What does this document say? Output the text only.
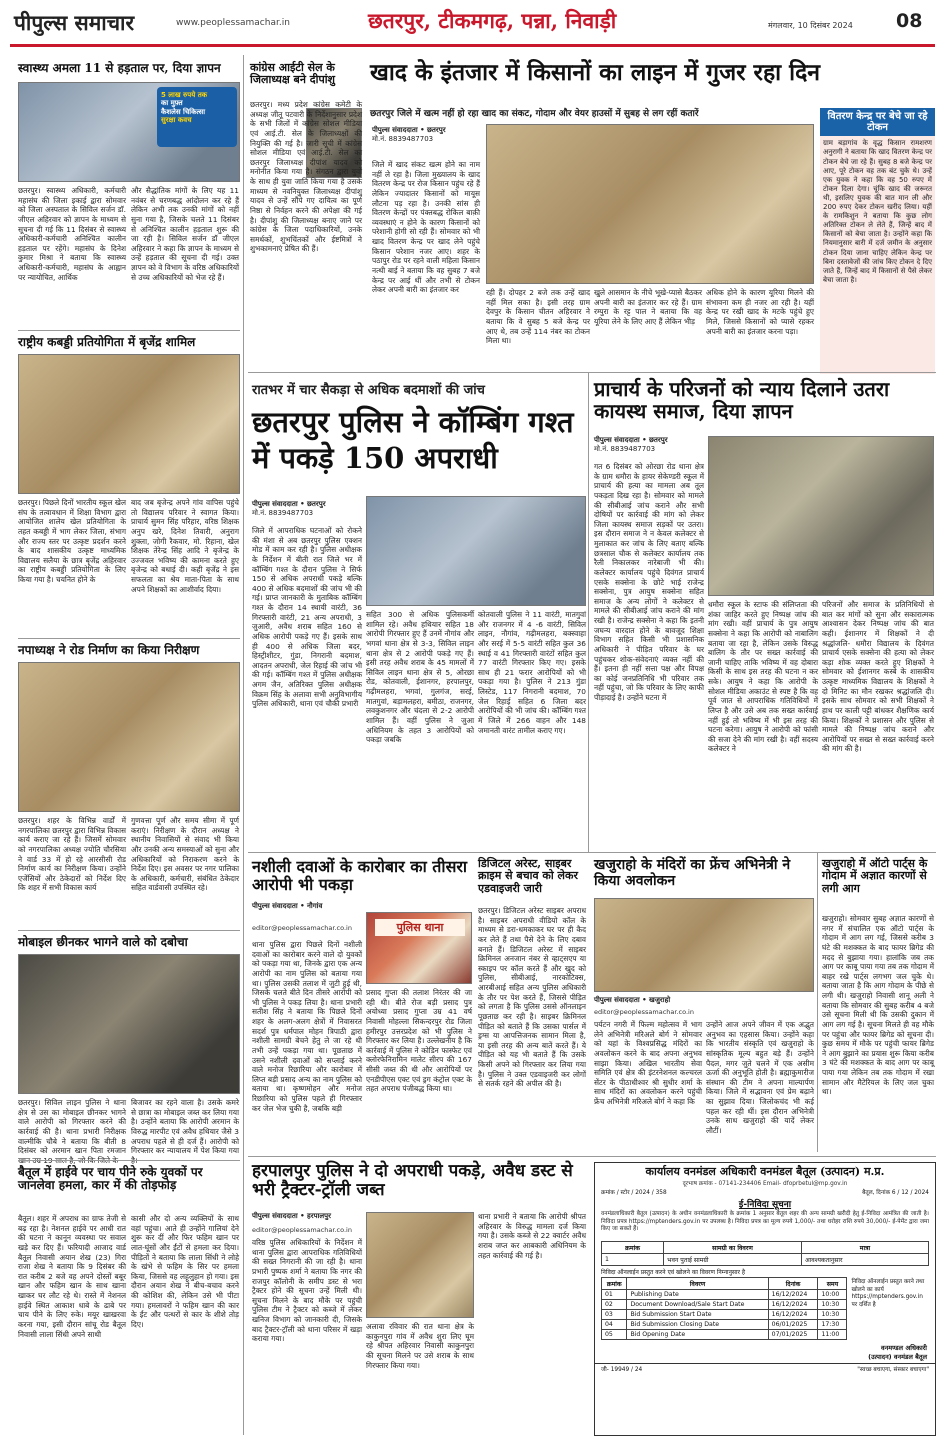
पीपुल्स समाचार	www.peoplessamachar.in	छतरपुर, टीकमगढ़, पन्ना, निवाड़ी	मंगलवार, 10 दिसंबर 2024 08
स्वास्थ्य अमला 11 से हड़ताल पर, दिया ज्ञापन
5 लाख रुपये तक
का मुफ़्त
कैशलेस चिकित्सा
सुरक्षा कवच
छतरपुर। स्वास्थ्य अधिकारी, कर्मचारी महासंघ की जिला इकाई द्वारा सोमवार को जिला अस्पताल के सिविल सर्जन डॉ. जीएल अहिरवार को ज्ञापन के माध्यम से सूचना दी गई कि 11 दिसंबर से स्वास्थ्य अधिकारी-कर्मचारी अनिश्चित कालीन हड़ताल पर रहेंगे। महासंघ के दिनेश कुमार मिश्रा ने बताया कि स्वास्थ्य अधिकारी-कर्मचारी, महासंघ के आह्वान पर न्यायोचित, आर्थिक
और सैद्धांतिक मांगों के लिए यह 11 नवंबर से चरणबद्ध आंदोलन कर रहे हैं लेकिन अभी तक उनकी मांगों को नहीं सुना गया है, जिसके चलते 11 दिसंबर से अनिश्चित कालीन हड़ताल शुरू की जा रही है। सिविल सर्जन डॉ जीएल अहिरवार ने कहा कि ज्ञापन के माध्यम से उन्हें हड़ताल की सूचना दी गई। उक्त ज्ञापन को वे विभाग के वरिष्ठ अधिकारियों से उच्च अधिकारियों को भेज रहे हैं।
कांग्रेस आईटी सेल के जिलाध्यक्ष बने दीपांशु
छतरपुर। मध्य प्रदेश कांग्रेस कमेटी के अध्यक्ष जीतू पटवारी के निर्देशानुसार प्रदेश के सभी जिलों में कांग्रेस सोशल मीडिया एवं आई.टी. सेल के जिलाध्यक्षों की नियुक्ति की गई है। जारी सूची में कांग्रेस सोशल मीडिया एवं आई.टी. सेल का छतरपुर जिलाध्यक्ष दीपांश यादव को मनोनीत किया गया है। संगठन द्वारा युवों के साथ ही युवा जाति किया गया है उसके माध्यम से नवनियुक्त जिलाध्यक्ष दीपांशु यादव से उन्हें सौंपे गए दायित्व का पूर्ण निष्ठा से निर्वहन करने की अपेक्षा की गई है। दीपांशु की जिलाध्यक्ष बनाए जाने पर कांग्रेस के जिला पदाधिकारियों, उनके समर्थकों, शुभचिंतकों और ईष्टमित्रों ने शुभकामनाएं प्रेषित की हैं।
खाद के इंतजार में किसानों का लाइन में गुजर रहा दिन
छतरपुर जिले में खत्म नहीं हो रहा खाद का संकट, गोदाम और वेयर हाउसों में सुबह से लग रहीं कतारें
पीपुल्स संवाददाता • छतरपुर
मो.नं. 8839487703
जिले में खाद संकट खत्म होने का नाम नहीं ले रहा है। जिला मुख्यालय के खाद वितरण केन्द्र पर रोज किसान पहुंच रहे हैं लेकिन ज्यादातर किसानों को मायूस लौटना पड़ रहा है। उनकी सांस ही वितरण केन्द्रों पर पंक्तबद्ध रोकिल बाक़ी व्यवस्थाएं न होने के कारण किसानों को परेशानी होगी सो रही हैं। सोमवार को भी खाद वितरण केन्द्र पर खाद लेने पहुंचे किसान परेशान नजर आए। शहर के पठापुर रोड पर रहने वाली महिला किसान नत्थी बाई ने बताया कि वह सुबह 7 बजे केन्द्र पर आई थीं और तभी से टोकन लेकर अपनी बारी का इंतजार कर	रही हैं। दोपहर 2 बजे तक उन्हें खाद नहीं मिल सका है। इसी तरह ग्राम देवपुर के किसान चीतन अहिरवार ने बताया कि वे सुबह 5 बजे केन्द्र पर आए थे, तब उन्हें 114 नंबर का टोकन मिला था।
खुले आसमान के नीचे भूखे-प्यासे बैठकर अपनी बारी का इंतजार कर रहे हैं। ग्राम रम्पुरा के रट्ट पाल ने बताया कि वह यूरिया लेने के लिए आए हैं लेकिन भीड़
अधिक होने के कारण यूरिया मिलने की संभावना कम ही नजर आ रही है। यहीं केन्द्र पर रखी खाद के मटके पहुंचे हुए मिले, जिससे किसानों को प्यासे रहकर अपनी बारी का इंतजार करना पड़ा।
वितरण केन्द्र पर बेचे जा रहे टोकन
ग्राम बड़ागांव के वृद्ध किसान रामशरण अनुरागी ने बताया कि खाद वितरण केन्द्र पर टोकन बेचे जा रहे हैं। सुबह 8 बजे केन्द्र पर आए, पूरे टोकन वह तक बंट चुके थे। उन्हें एक युवक ने कहा कि वह 50 रुपए में टोकन दिला देगा। चूंकि खाद की जरूरत थी, इसलिए युवक की बात मान ली और 200 रुपए देकर टोकन खरीद लिया। यहीं के रामकिशुन ने बताया कि कुछ लोग अतिरिक्त टोकन ले लेते हैं, जिन्हें बाद में किसानों को बेचा जाता है। उन्होंने कहा कि नियमानुसार बारी में दर्ज जमीन के अनुसार टोकन दिया जाना चाहिए लेकिन केन्द्र पर बिना दस्तावेजों की जांच किए टोकन दे दिए जाते हैं, जिन्हें बाद में किसानों से पैसे लेकर बेचा जाता है।
राष्ट्रीय कबड्डी प्रतियोगिता में बृजेंद्र शामिल
छतरपुर। पिछले दिनों भारतीय स्कूल खेल संघ के तत्वावधान में शिक्षा विभाग द्वारा आयोजित शालेय खेल प्रतियोगिता के तहत कबड्डी में भाग लेकर जिला, संभाग और राज्य स्तर पर उत्कृष्ट प्रदर्शन करने के बाद शासकीय उत्कृष्ट माध्यमिक विद्यालय सलैया के छात्र बृजेंद्र अहिरवार का राष्ट्रीय कबड्डी प्रतियोगिता के लिए किया गया है। चयनित होने के
बाद जब बृजेन्द्र अपने गांव वापिस पहुंचे तो विद्यालय परिवार ने स्वागत किया। प्राचार्य सुमन सिंह परिहार, वरिष्ठ शिक्षक अनुप खरे, दिनेश तिवारी, अनुराग शुक्ला, जोगी रैकवार, मो. रिहाना, खेल शिक्षक तेरेन्द्र सिंह आदि ने बृजेन्द्र के उज्जवल भविष्य की कामना करते हुए बृजेन्द्र को बधाई दी। कही बृजेंद्र ने इस सफलता का श्रेय माता-पिता के साथ अपने शिक्षकों का आशीर्वाद दिया।
रातभर में चार सैकड़ा से अधिक बदमाशों की जांच
छतरपुर पुलिस ने कॉम्बिंग गश्त में पकड़े 150 अपराधी
पीपुल्स संवाददाता • छतरपुर
मो.नं. 8839487703
जिले में आपराधिक घटनाओं को रोकने की मंशा से अब छतरपुर पुलिस एक्शन मोड में काम कर रही है। पुलिस अधीक्षक के निर्देशन में बीती रात जिले भर में कॉम्बिंग गश्त के दौरान पुलिस ने सिर्फ 150 से अधिक अपराधी पकड़े बल्कि 400 से अधिक बदमाशों की जांच भी की गई। प्राप्त जानकारी के मुताबिक कॉम्बिंग गश्त के दौरान 14 स्थायी वारंटी, 36 गिरफ्तारी वारंटी, 21 अन्य अपराधी, 3 जुआरी, अवैध शराब सहित 160 से अधिक आरोपी पकड़े गए हैं। इसके साथ ही 400 से अधिक जिला बदर, हिस्ट्रीशीटर, गुंडा, निगरानी बदमाश, आदतन अपराधी, जेल रिहाई की जांच भी की गई। कॉम्बिंग गश्त में पुलिस अधीक्षक अगम जैन, अतिरिक्त पुलिस अधीक्षक विक्रम सिंह के अलावा सभी अनुविभागीय पुलिस अधिकारी, थाना एवं चौकी प्रभारी
सहित 300 से अधिक पुलिसकर्मी शामिल रहे। अवैध हथियार सहित 18 आरोपी गिरफ्तार हुए हैं उनमें नौगांव और भगवां थाना क्षेत्र से 3-3, सिविल लाइन थाना क्षेत्र से 2 आरोपी पकड़े गए हैं। इसी तरह अवैध शराब के 45 मामलों में सिविल लाइन थाना क्षेत्र से 5, ओरछा रोड, कोतवाली, ईशानगर, हरपालपुर, गढ़ीमलहरा, भगवां, गुलगंज, सरई, मातगुवां, बड़ामलहरा, बमीठा, राजनगर, लवकुशनगर और चंदला से 2-2 आरोपी शामिल हैं। वहीं पुलिस ने जुआ अधिनियम के तहत 3 आरोपियों को पकड़ा जबकि
कोतवाली पुलिस ने 11 वारंटी, मातगुवां और राजनगर में 4 -6 वारंटी, सिविल लाइन, नौगांव, गढ़ीमलहरा, बक्स्वाहा और सरई में 5-5 वारंटी सहित कुल 36 स्थाई व 41 गिरफ्तारी वारंटों सहित कुल 77 वारंटी गिरफ्तार किए गए। इसके साथ ही 21 फरार आरोपियों को भी पकड़ा गया है। पुलिस ने 213 गुंडा लिस्टेड, 117 निगरानी बदमाश, 70 जेल रिहाई सहित 6 जिला बदर आरोपियों की भी जांच की। कॉम्बिंग गश्त में जिले में 266 वाहन और 148 जमानती वारंट तामील कराए गए।
प्राचार्य के परिजनों को न्याय दिलाने उतरा कायस्थ समाज, दिया ज्ञापन
पीपुल्स संवाददाता • छतरपुर
मो.नं. 8839487703
गत 6 दिसंबर को ओरछा रोड थाना क्षेत्र के ग्राम धमौरा के हायर सेकेण्डरी स्कूल में प्राचार्य की हत्या का मामला अब तूल पकड़ता दिख रहा है। सोमवार को मामले की सीबीआई जांच कराने और सभी दोषियों पर कार्रवाई की मांग को लेकर जिला कायस्थ समाज सड़कों पर उतरा। इस दौरान समाज ने न केवल कलेक्टर से मुलाकात कर जांच के लिए बताए बल्कि छत्रसाल चौक से कलेक्टर कार्यालय तक रैली निकालकर नारेबाजी भी की। कलेक्टर कार्यालय पहुंचे दिवंगत प्राचार्य एसके सक्सेना के छोटे भाई राजेन्द्र सक्सेना, पुत्र आयुष सक्सेना सहित समाज के अन्य लोगों ने कलेक्टर से मामले की सीबीआई जांच कराने की मांग रखी है। राजेन्द्र सक्सेना ने कहा कि इतनी जघन्य वारदात होने के बावजूद शिक्षा विभाग सहित किसी भी प्रशासनिक अधिकारी ने पीड़ित परिवार के घर पहुंचकर शोक-संवेदनाएं व्यक्त नहीं की हैं। इतना ही नहीं सत्ता पक्ष और विपक्ष का कोई जनप्रतिनिधि भी परिवार तक नहीं पहुंचा, जो कि परिवार के लिए काफी पीड़ादाई है। उन्होंने घटना में
धमौरा स्कूल के स्टाफ की संलिप्तता की शंका जाहिर करते हुए निष्पक्ष जांच की मांग रखी। वहीं प्राचार्य के पुत्र आयुष सक्सेना ने कहा कि आरोपी को नाबालिग बताया जा रहा है, लेकिन उसके विरुद्ध बालिग के तौर पर सख्त कार्रवाई की जानी चाहिए ताकि भविष्य में वह दोबारा किसी के साथ इस तरह की घटना न कर सके। आयुष ने कहा कि आरोपी के सोशल मीडिया अकाउंट से स्पष्ट है कि वह पूर्व जात से आपराधिक गतिविधियों में लिप्त है और उसे अब तक सख्त कार्रवाई नहीं हुई तो भविष्य में भी इस तरह की घटना करेगा। आयुष ने आरोपी को फांसी की सजा देने की मांग रखी है। वहीं सदस्य कलेक्टर ने
परिजनों और समाज के प्रतिनिधियों से बात कर मांगों को सुना और सकारात्मक आश्वासन देकर निष्पक्ष जांच की बात कही। ईशानगर में शिक्षकों ने दी श्रद्धांजलि- धमौरा विद्यालय के दिवंगत प्राचार्य एसके सक्सेना की हत्या को लेकर कड़ा शोक व्यक्त करते हुए शिक्षकों ने सोमवार को ईशानगर कस्बे के शासकीय उत्कृष्ट माध्यमिक विद्यालय के शिक्षकों ने दो मिनिट का मौन रखकर श्रद्धांजलि दी। इसके साथ सोमवार को सभी शिक्षकों ने हाथ पर काली पट्टी बांधकर शैक्षणिक कार्य किया। शिक्षकों ने प्रशासन और पुलिस से मामले की निष्पक्ष जांच कराने और आरोपियों पर सख्त से सख्त कार्रवाई करने की मांग की है।
नपाध्यक्ष ने रोड निर्माण का किया निरीक्षण
छतरपुर। शहर के विभिन्न वार्डों में नगरपालिका छतरपुर द्वारा विभिन्न विकास कार्य कराए जा रहे हैं। जिसमें सोमवार को नगरपालिका अध्यक्ष ज्योति चौरसिया ने वार्ड 33 में हो रहे आरसीसी रोड निर्माण कार्य का निरीक्षण किया। उन्होंने एजेंसियों और ठेकेदारों को निर्देश दिए कि शहर में सभी विकास कार्य
गुणवत्ता पूर्ण और समय सीमा में पूर्ण कराएं। निरीक्षण के दौरान अध्यक्ष ने स्थानीय निवासियों से संवाद भी किया और उनकी अन्य समस्याओं को सुना और अधिकारियों को निराकरण करने के निर्देश दिए। इस अवसर पर नगर पालिका के अधिकारी, कर्मचारी, संबंधित ठेकेदार सहित वार्डवासी उपस्थित रहे।
नशीली दवाओं के कारोबार का तीसरा आरोपी भी पकड़ा
पीपुल्स संवाददाता • नौगांव
editor@peoplessamachar.co.in	पुलिस थाना
थाना पुलिस द्वारा पिछले दिनों नशीली दवाओं का कारोबार करने वाले दो युवकों को पकड़ा गया था, जिनके द्वारा एक अन्य आरोपी का नाम पुलिस को बताया गया था। पुलिस उसकी तलाश में जुटी हुई थी, जिसके चलते बीते दिन तीसरे आरोपी को भी पुलिस ने पकड़ लिया है। थाना प्रभारी सतीश सिंह ने बताया कि पिछले दिनों शहर के अलग-अलग क्षेत्रों में निवासरत सदर्श पुत्र धर्मपाल मोहन त्रिपाठी द्वारा नशीली सामग्री बेचने हेतु ले जा रहे थी तभी उन्हें पकड़ा गया था। पूछताछ में उसने नशीली दवाओं को सप्लाई करने वाले मनोज रिछारिया और कारोबार में लिप्त बड़ी प्रसाद अन्य का नाम पुलिस को बताया था। कृष्णमोहन और मनोज रिछारिया को पुलिस पहले ही गिरफ्तार कर जेल भेज चुकी है, जबकि बड़ी
प्रसाद गुप्ता की तलाश निरंतर की जा रही थी। बीते रोज बड़ी प्रसाद पुत्र अयोध्या प्रसाद गुप्ता उम्र 41 वर्ष निवासी मोहल्ला सिकन्दरपुर रोड जिला हमीरपुर उत्तरप्रदेश को भी पुलिस ने गिरफ्तार कर लिया है। उल्लेखनीय है कि कार्रवाई में पुलिस ने कोडिन फास्फेट एवं क्लोरफेनिरामिन मालेट सीरप की 167 सीसी जब्त की थी और आरोपियों पर एनडीपीएस एक्ट एवं ड्रग कंट्रोल एक्ट के तहत अपराध पंजीबद्ध किया था।
डिजिटल अरेस्ट, साइबर क्राइम से बचाव को लेकर एडवाइजरी जारी
छतरपुर। डिजिटल अरेस्ट साइबर अपराध है। साइबर अपराधी वीडियो कॉल के माध्यम से डरा-धमकाकर घर पर ही कैद कर लेते हैं तथा पैसे देने के लिए दबाव बनाते हैं। डिजिटल अरेस्ट में साइबर क्रिमिनल अनजान नंबर से व्हाट्सएप या स्काइप पर कॉल करते हैं और खुद को पुलिस, सीबीआई, नारकोटिक्स, आरबीआई सहित अन्य पुलिस अधिकारी के तौर पर पेश करते हैं, जिससे पीड़ित को लगता है कि पुलिस उससे ऑनलाइन पूछताछ कर रही है। साइबर क्रिमिनल पीड़ित को बताते हैं कि उसका पार्सल में ड्रग्स या आपत्तिजनक सामान मिला है, या इसी तरह की अन्य बातें करते हैं। ये पीड़ित को यह भी बताते हैं कि उसके किसी अपने को गिरफ्तार कर लिया गया है। पुलिस ने उक्त एडवाइजरी कर लोगों से सतर्क रहने की अपील की है।
खजुराहो के मंदिरों का फ्रेंच अभिनेत्री ने किया अवलोकन
पीपुल्स संवाददाता • खजुराहो
editor@peoplessamachar.co.in
पर्यटन नगरी में फिल्म महोत्सव में भाग लेने अभिनेत्री मरिअले बोर्ग ने सोमवार को यहां के विश्वप्रसिद्ध मंदिरों का अवलोकन करने के बाद अपना अनुभव साझा किया। अखिल भारतीय सेवा समिति एवं क्षेत्र की इंटरनेशनल कल्चरल सेंटर के पीठाधीश्वर श्री सुधीर शर्मा के साथ मंदिरों का अवलोकन करने पहुंची फ्रेंच अभिनेत्री मरिअले बोर्ग ने कहा कि
उन्होंने आज अपने जीवन में एक अद्भुत अनुभव का एहसास किया। उन्होंने कहा कि भारतीय संस्कृति एवं खजुराहो के सांस्कृतिक मूल्य बहुत बड़े हैं। उन्होंने पैदल, मगर जुते चलने में एक असीम ऊर्जा की अनुभूति होती है। ब्रह्माकुमारीज संस्थान की टीम ने अपना माल्यार्पण किया। जिले में सद्भावना एवं प्रेम बढ़ाने का सुझाव दिया। जिलोकचंद भी कई पहल कर रही थीं। इस दौरान अभिनेत्री उनके साथ खजुराहो की यादें लेकर लौटीं।
खजुराहो में ऑटो पार्ट्स के गोदाम में अज्ञात कारणों से लगी आग
खजुराहो। सोमवार सुबह अज्ञात कारणों से नगर में संचालित एक ऑटो पार्ट्स के गोदाम में आग लग गई, जिससे करीब 3 घंटे की मशक्कत के बाद फायर ब्रिगेड की मदद से बुझाया गया। हालांकि जब तक आग पर काबू पाया गया तब तक गोदाम में बाहर रखे पार्ट्स लगभग जल चुके थे। बताया जाता है कि आग गोदाम के पीछे से लगी थी। खजुराहो निवासी शानू अली ने बताया कि सोमवार की सुबह करीब 4 बजे उसे सूचना मिली थी कि उसकी दुकान में आग लग गई है। सूचना मिलते ही वह मौके पर पहुंचा और फायर ब्रिगेड को सूचना दी। कुछ समय में मौके पर पहुंची फायर ब्रिगेड ने आग बुझाने का प्रयास शुरू किया करीब 3 घंटे की मशक्कत के बाद आग पर काबू पाया गया लेकिन तब तक गोदाम में रखा सामान और मैटेरियल के लिए जल चुका था।
मोबाइल छीनकर भागने वाले को दबोचा
छतरपुर। सिविल लाइन पुलिस ने थाना क्षेत्र से उस का मोबाइल छीनकर भागने वाले आरोपी को गिरफ्तार करने की कार्रवाई की है। थाना प्रभारी निरीक्षक वाल्मीकि चौबे ने बताया कि बीती 8 दिसंबर को अरमान खान पिता रमजान
बिजावर का रहने वाला है। उसके कमरे से छात्रा का मोबाइल जब्त कर लिया गया है। उन्होंने बताया कि आरोपी अरमान के विरुद्ध मारपीट एवं अवैध हथियार जैसे 3 अपराध पहले से ही दर्ज हैं। आरोपी को गिरफ्तार कर न्यायालय में पेश किया गया
बैतूल में हाईवे पर चाय पीने रुके युवकों पर जानलेवा हमला, कार में की तोड़फोड़
बैतूल। शहर में अपराध का ग्राफ तेजी से बढ़ रहा है। नेशनल हाईवे पर आधी रात की घटना ने कानून व्यवस्था पर सवाल खड़े कर दिए हैं। फरियादी आजाद वार्ड बैतूल निवासी अयान शेख (23) गिरा राजा शेख ने बताया कि 9 दिसंबर की रात करीब 2 बजे वह अपने दोस्तों बबूर खान और फहिम खान के साथ खाना खाकर घर लौट रहे थे। रास्ते में नेशनल हाईवे स्थित आकाश धाबे के ढाबे पर चाय पीने के लिए रुके। मयूर खाखरवा करना गया, इसी दौरान सांचू रोड बैतूल निवासी लाला सिंधी अपने साथी
कासी और दो अन्य व्यक्तियों के साथ वहां पहुंचा। आते ही उन्होंने गालियां देने शुरू कर दीं और फिर फहिम खान पर लात-घूंसों और ईंटों से हमला कर दिया। पीड़ितों ने बताया कि लाला सिंधी ने लोहे के खंभे से फहिम के सिर पर हमला किया, जिससे वह लहूलुहान हो गया। इस दौरान अयान शेख ने बीच-बचाव करने की कोशिश की, लेकिन उसे भी पीटा गया। हमलावरों ने फहिम खान की कार के ईंट और पत्थरों से कार के शीशे तोड़ दिए।
हरपालपुर पुलिस ने दो अपराधी पकड़े, अवैध डस्ट से भरी ट्रैक्टर-ट्रॉली जब्त
पीपुल्स संवाददाता • हरपालपुर
editor@peoplessamachar.co.in
वरिष्ठ पुलिस अधिकारियों के निर्देशन में थाना पुलिस द्वारा आपराधिक गतिविधियों की सख्त निगरानी की जा रही है। थाना प्रभारी पुष्पक शर्मा ने बताया कि नगर की राजपुर कॉलोनी के समीप डस्ट से भरा ट्रैक्टर होने की सूचना उन्हें मिली थी। सूचना मिलने के बाद मौके पर पहुंची पुलिस टीम ने ट्रैक्टर को कब्जे में लेकर खनिज विभाग को जानकारी दी, जिसके बाद ट्रैक्टर-ट्रॉली को थाना परिसर में खड़ा कराया गया।
अलावा रविवार की रात थाना क्षेत्र के काकुनपुरा गांव में अवैध शुरा लिए घूम रहे श्रीपत अहिरवार निवासी काकुनपुरा की सूचना मिलने पर उसे शराब के साथ गिरफ्तार किया गया।
थाना प्रभारी ने बताया कि आरोपी श्रीपत अहिरवार के विरुद्ध मामला दर्ज किया गया है। उसके कब्जे से 22 क्वार्टर अवैध शराब जप्त कर आबकारी अधिनियम के तहत कार्रवाई की गई है।
कार्यालय वनमंडल अधिकारी वनमंडल बैतूल (उत्पादन) म.प्र.
दूरभाष क्रमांक - 07141-234406 Email- dfoprbetul@mp.gov.in
क्रमांक / स्टोर / 2024 / 358	बैतूल, दिनांक 6 / 12 / 2024
ई-निविदा सूचना
वनमंडलाधिकारी बैतूल (उत्पादन) के अधीन वनमंडलाधिकारी के क्रमांक 1 अनुसार बैतूल शहर की अन्य सामग्री खरीदी हेतु ई-निविदा आमंत्रित की जाती है। निविदा प्रपत्र https://mptenders.gov.in पर उपलब्ध है। निविदा प्रपत्र का मूल्य रुपये 1,000/- तथा धरोहर राशि रुपये 30,000/- ई-पेमेंट द्वारा जमा किए जा सकते हैं।
क्रमांक	सामग्री का विवरण	मात्रा
1	भवन पुताई सामग्री	आवश्यकतानुसार
निविदा ऑनलाईन प्रस्तुत करने एवं खोलने का विवरण निम्नानुसार है
क्रमांक	विवरण	दिनांक	समय
01	Publishing Date	16/12/2024	10:00
02	Document Download/Sale Start Date	16/12/2024	10:30
03	Bid Submission Start Date	16/12/2024	10:30
04	Bid Submission Closing Date	06/01/2025	17:30
05	Bid Opening Date	07/01/2025	11:00
निविदा ऑनलाईन प्रस्तुत करने तथा खोलने का कार्य https://mptenders.gov.in पर दर्शित है
वनमण्डल अधिकारी
(उत्पादन) वनमंडल बैतूल
जी- 19949 / 24	"स्वच्छ बचाएगा, संस्कार बचाएगा"
